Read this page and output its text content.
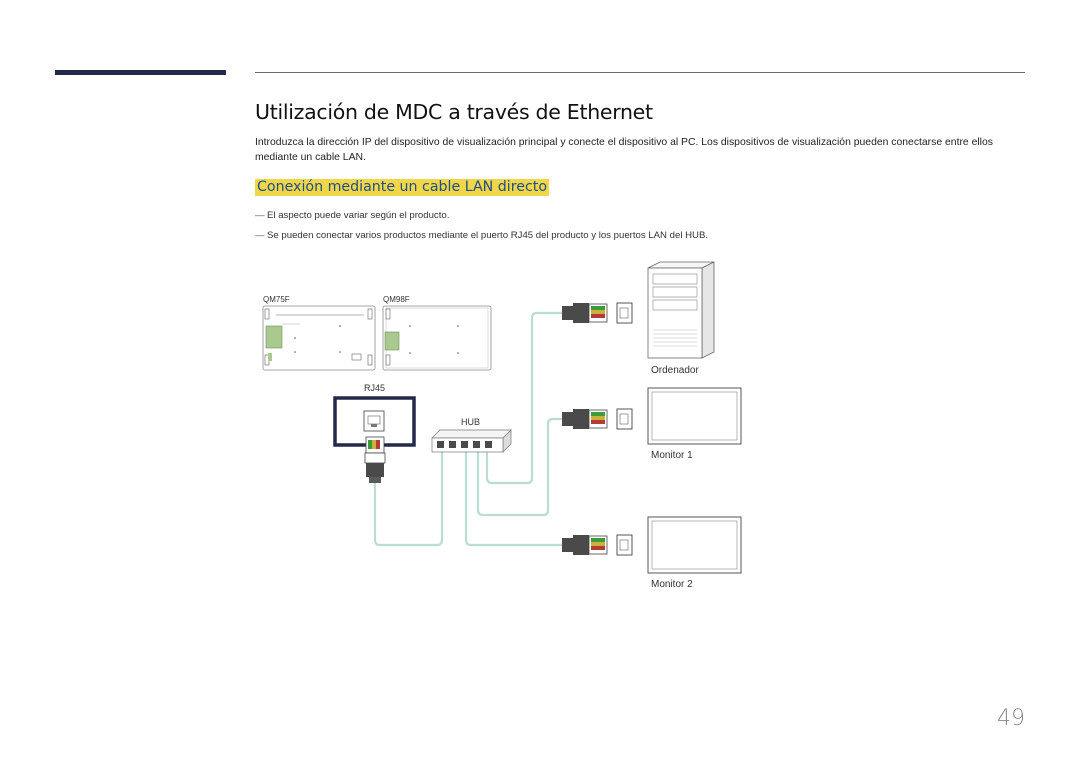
Utilización de MDC a través de Ethernet

Introduzca la dirección IP del dispositivo de visualización principal y conecte el dispositivo al PC. Los dispositivos de visualización pueden conectarse entre ellos mediante un cable LAN.

Conexión mediante un cable LAN directo
― El aspecto puede variar según el producto.
― Se pueden conectar varios productos mediante el puerto RJ45 del producto y los puertos LAN del HUB.
QM75F	QM98F
RJ45
HUB
Ordenador
Monitor 1
Monitor 2
49
